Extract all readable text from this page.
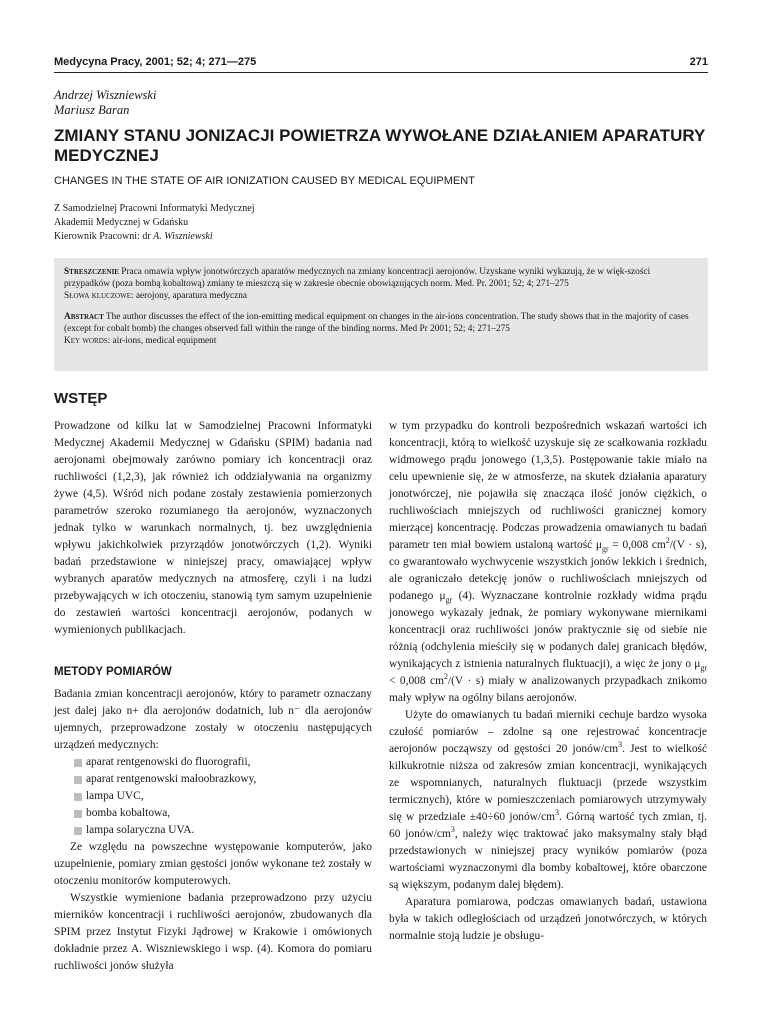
Medycyna Pracy, 2001; 52; 4; 271—275	271
Andrzej Wiszniewski
Mariusz Baran
ZMIANY STANU JONIZACJI POWIETRZA WYWOŁANE DZIAŁANIEM APARATURY MEDYCZNEJ
CHANGES IN THE STATE OF AIR IONIZATION CAUSED BY MEDICAL EQUIPMENT
Z Samodzielnej Pracowni Informatyki Medycznej
Akademii Medycznej w Gdańsku
Kierownik Pracowni: dr A. Wiszniewski

Streszczenie Praca omawia wpływ jonotwórczych aparatów medycznych na zmiany koncentracji aerojonów. Uzyskane wyniki wykazują, że w więk-szości przypadków (poza bombą kobaltową) zmiany te mieszczą się w zakresie obecnie obowiązujących norm. Med. Pr. 2001; 52; 4; 271–275

Słowa kluczowe: aerojony, aparatura medyczna

Abstract The author discusses the effect of the ion-emitting medical equipment on changes in the air-ions concentration. The study shows that in the majority of cases (except for cobalt bomb) the changes observed fall within the range of the binding norms. Med Pr 2001; 52; 4; 271–275

Key words: air-ions, medical equipment

WSTĘP

Prowadzone od kilku lat w Samodzielnej Pracowni Informatyki Medycznej Akademii Medycznej w Gdańsku (SPIM) badania nad aerojonami obejmowały zarówno pomiary ich koncentracji oraz ruchliwości (1,2,3), jak również ich oddziaływania na organizmy żywe (4,5). Wśród nich podane zostały zestawienia pomierzonych parametrów szeroko rozumianego tła aerojonów, wyznaczonych jednak tylko w warunkach normalnych, tj. bez uwzględnienia wpływu jakichkolwiek przyrządów jonotwórczych (1,2). Wyniki badań przedstawione w niniejszej pracy, omawiającej wpływ wybranych aparatów medycznych na atmosferę, czyli i na ludzi przebywających w ich otoczeniu, stanowią tym samym uzupełnienie do zestawień wartości koncentracji aerojonów, podanych w wymienionych publikacjach.

METODY POMIARÓW

Badania zmian koncentracji aerojonów, który to parametr oznaczany jest dalej jako n+ dla aerojonów dodatnich, lub n⁻ dla aerojonów ujemnych, przeprowadzone zostały w otoczeniu następujących urządzeń medycznych:

aparat rentgenowski do fluorografii,
aparat rentgenowski małoobrazkowy,
lampa UVC,
bomba kobaltowa,
lampa solaryczna UVA.

Ze względu na powszechne występowanie komputerów, jako uzupełnienie, pomiary zmian gęstości jonów wykonane też zostały w otoczeniu monitorów komputerowych.

Wszystkie wymienione badania przeprowadzono przy użyciu mierników koncentracji i ruchliwości aerojonów, zbudowanych dla SPIM przez Instytut Fizyki Jądrowej w Krakowie i omówionych dokładnie przez A. Wiszniewskiego i wsp. (4). Komora do pomiaru ruchliwości jonów służyła

w tym przypadku do kontroli bezpośrednich wskazań wartości ich koncentracji, którą to wielkość uzyskuje się ze scałkowania rozkładu widmowego prądu jonowego (1,3,5). Postępowanie takie miało na celu upewnienie się, że w atmosferze, na skutek działania aparatury jonotwórczej, nie pojawiła się znacząca ilość jonów ciężkich, o ruchliwościach mniejszych od ruchliwości granicznej komory mierzącej koncentrację. Podczas prowadzenia omawianych tu badań parametr ten miał bowiem ustaloną wartość $\mu_{gr} = 0,008$ $cm^2/(V \cdot s)$, co gwarantowało wychwycenie wszystkich jonów lekkich i średnich, ale ograniczało detekcję jonów o ruchliwościach mniejszych od podanego $\mu_{gr}$ (4). Wyznaczane kontrolnie rozkłady widma prądu jonowego wykazały jednak, że pomiary wykonywane miernikami koncentracji oraz ruchliwości jonów praktycznie się od siebie nie różnią (odchylenia mieściły się w podanych dalej granicach błędów, wynikających z istnienia naturalnych fluktuacji), a więc że jony o $\mu_{gr} < 0,008$ $cm^2/(V \cdot s)$ miały w analizowanych przypadkach znikomo mały wpływ na ogólny bilans aerojonów.

Użyte do omawianych tu badań mierniki cechuje bardzo wysoka czułość pomiarów – zdolne są one rejestrować koncentracje aerojonów począwszy od gęstości 20 jonów/$cm^3$. Jest to wielkość kilkukrotnie niższa od zakresów zmian koncentracji, wynikających ze wspomnianych, naturalnych fluktuacji (przede wszystkim termicznych), które w pomieszczeniach pomiarowych utrzymywały się w przedziale ±40÷60 jonów/$cm^3$. Górną wartość tych zmian, tj. 60 jonów/$cm^3$, należy więc traktować jako maksymalny stały błąd przedstawionych w niniejszej pracy wyników pomiarów (poza wartościami wyznaczonymi dla bomby kobaltowej, które obarczone są większym, podanym dalej błędem).

Aparatura pomiarowa, podczas omawianych badań, ustawiona była w takich odległościach od urządzeń jonotwórczych, w których normalnie stoją ludzie je obsługu-
